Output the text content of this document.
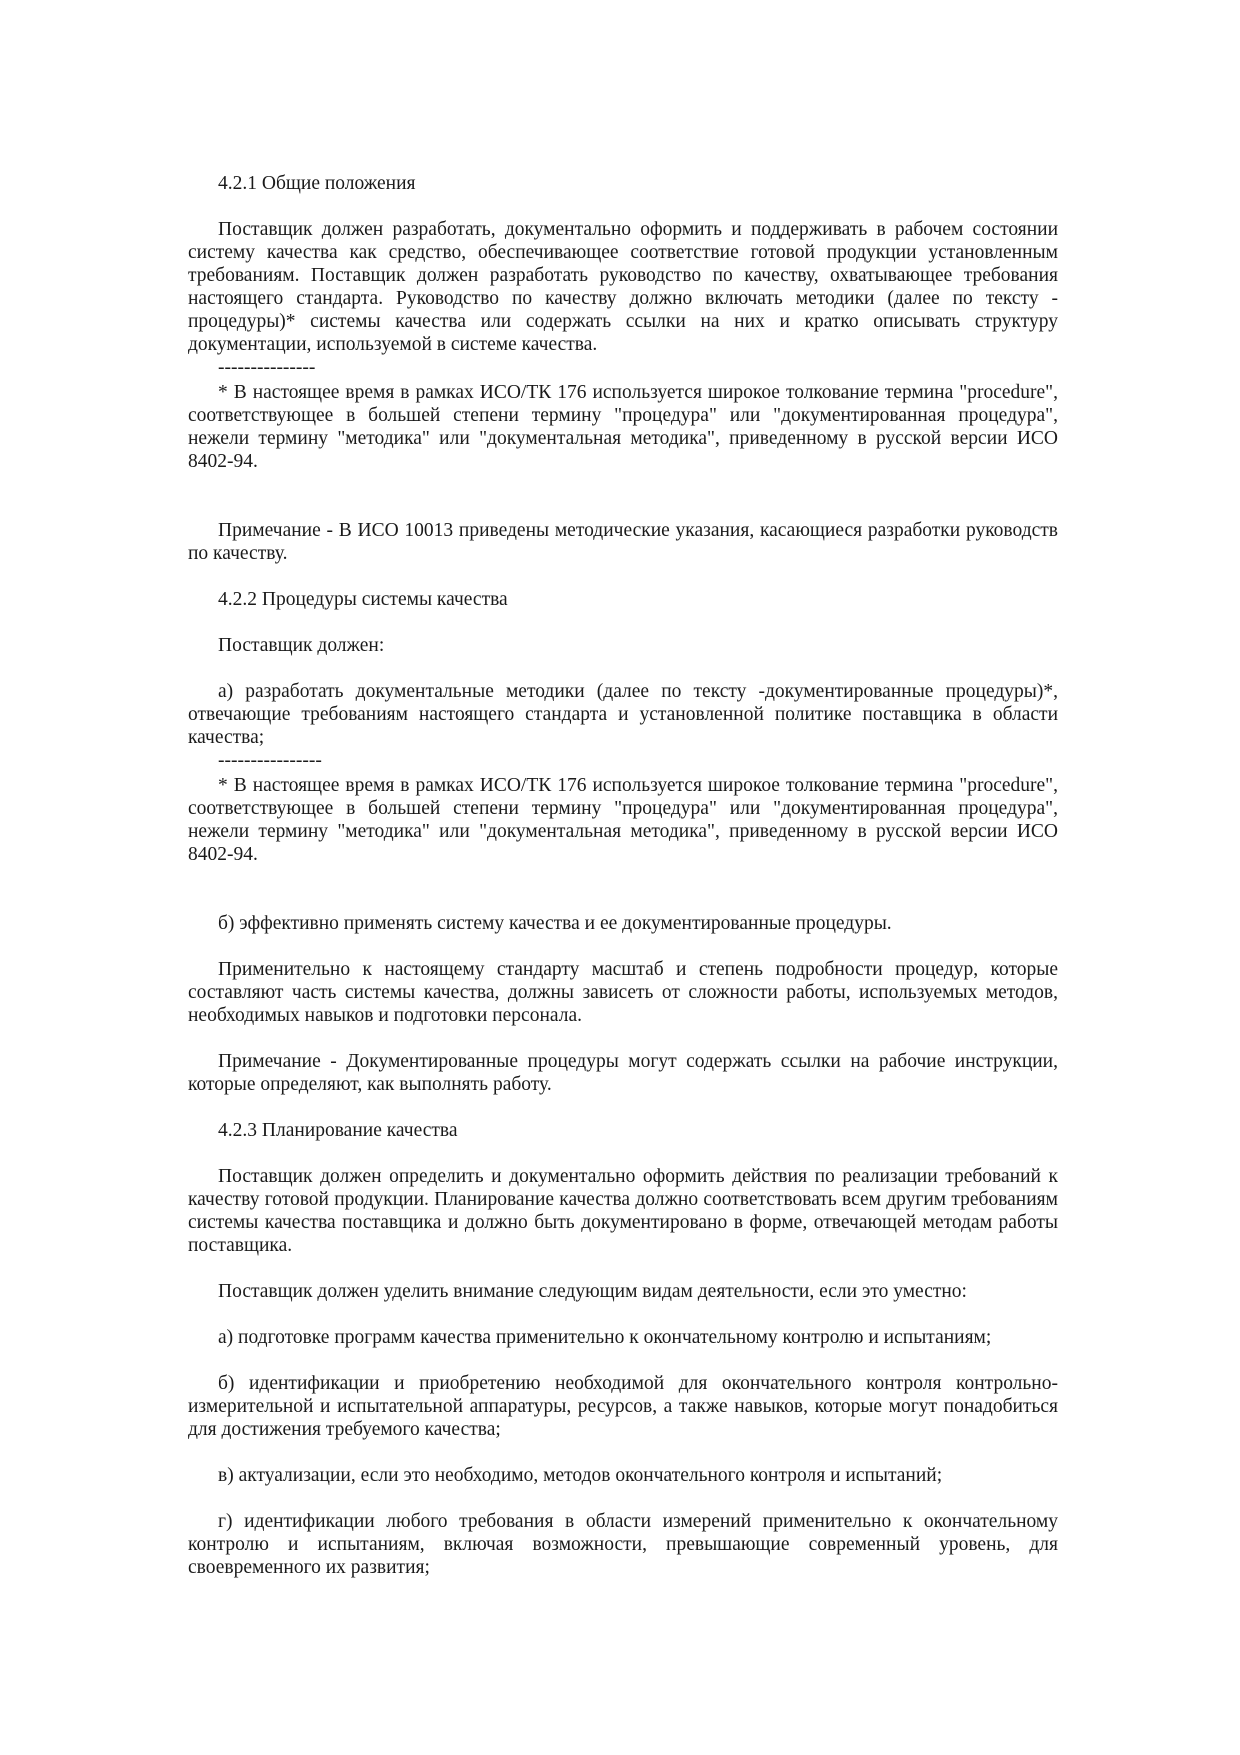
4.2.1 Общие положения

Поставщик должен разработать, документально оформить и поддерживать в рабочем состоянии систему качества как средство, обеспечивающее соответствие готовой продукции установленным требованиям. Поставщик должен разработать руководство по качеству, охватывающее требования настоящего стандарта. Руководство по качеству должно включать методики (далее по тексту - процедуры)* системы качества или содержать ссылки на них и кратко описывать структуру документации, используемой в системе качества.

---------------

* В настоящее время в рамках ИСО/ТК 176 используется широкое толкование термина "procedure", соответствующее в большей степени термину "процедура" или "документированная процедура", нежели термину "методика" или "документальная методика", приведенному в русской версии ИСО 8402-94.

Примечание - В ИСО 10013 приведены методические указания, касающиеся разработки руководств по качеству.

4.2.2 Процедуры системы качества

Поставщик должен:

а) разработать документальные методики (далее по тексту -документированные процедуры)*, отвечающие требованиям настоящего стандарта и установленной политике поставщика в области качества;

----------------

* В настоящее время в рамках ИСО/ТК 176 используется широкое толкование термина "procedure", соответствующее в большей степени термину "процедура" или "документированная процедура", нежели термину "методика" или "документальная методика", приведенному в русской версии ИСО 8402-94.

б) эффективно применять систему качества и ее документированные процедуры.

Применительно к настоящему стандарту масштаб и степень подробности процедур, которые составляют часть системы качества, должны зависеть от сложности работы, используемых методов, необходимых навыков и подготовки персонала.

Примечание - Документированные процедуры могут содержать ссылки на рабочие инструкции, которые определяют, как выполнять работу.

4.2.3 Планирование качества

Поставщик должен определить и документально оформить действия по реализации требований к качеству готовой продукции. Планирование качества должно соответствовать всем другим требованиям системы качества поставщика и должно быть документировано в форме, отвечающей методам работы поставщика.

Поставщик должен уделить внимание следующим видам деятельности, если это уместно:

а) подготовке программ качества применительно к окончательному контролю и испытаниям;

б) идентификации и приобретению необходимой для окончательного контроля контрольно-измерительной и испытательной аппаратуры, ресурсов, а также навыков, которые могут понадобиться для достижения требуемого качества;

в) актуализации, если это необходимо, методов окончательного контроля и испытаний;

г) идентификации любого требования в области измерений применительно к окончательному контролю и испытаниям, включая возможности, превышающие современный уровень, для своевременного их развития;
